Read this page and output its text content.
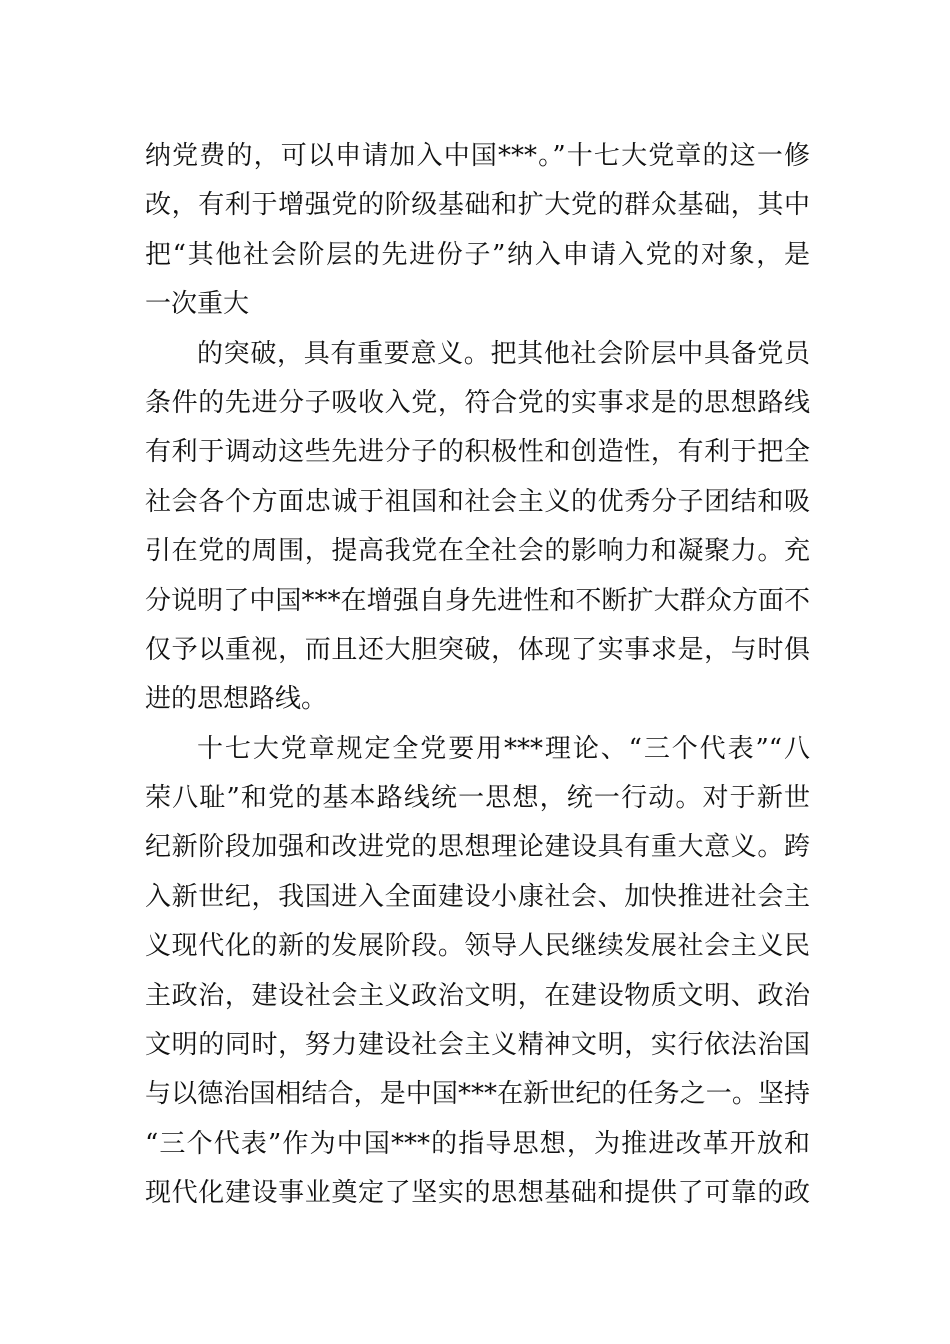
纳党费的，可以申请加入中国***。”十七大党章的这一修
改，有利于增强党的阶级基础和扩大党的群众基础，其中
把“其他社会阶层的先进份子”纳入申请入党的对象，是
一次重大
的突破，具有重要意义。把其他社会阶层中具备党员
条件的先进分子吸收入党，符合党的实事求是的思想路线
有利于调动这些先进分子的积极性和创造性，有利于把全
社会各个方面忠诚于祖国和社会主义的优秀分子团结和吸
引在党的周围，提高我党在全社会的影响力和凝聚力。充
分说明了中国***在增强自身先进性和不断扩大群众方面不
仅予以重视，而且还大胆突破，体现了实事求是，与时俱
进的思想路线。
十七大党章规定全党要用***理论、“三个代表”“八
荣八耻”和党的基本路线统一思想，统一行动。对于新世
纪新阶段加强和改进党的思想理论建设具有重大意义。跨
入新世纪，我国进入全面建设小康社会、加快推进社会主
义现代化的新的发展阶段。领导人民继续发展社会主义民
主政治，建设社会主义政治文明，在建设物质文明、政治
文明的同时，努力建设社会主义精神文明，实行依法治国
与以德治国相结合，是中国***在新世纪的任务之一。坚持
“三个代表”作为中国***的指导思想，为推进改革开放和
现代化建设事业奠定了坚实的思想基础和提供了可靠的政
